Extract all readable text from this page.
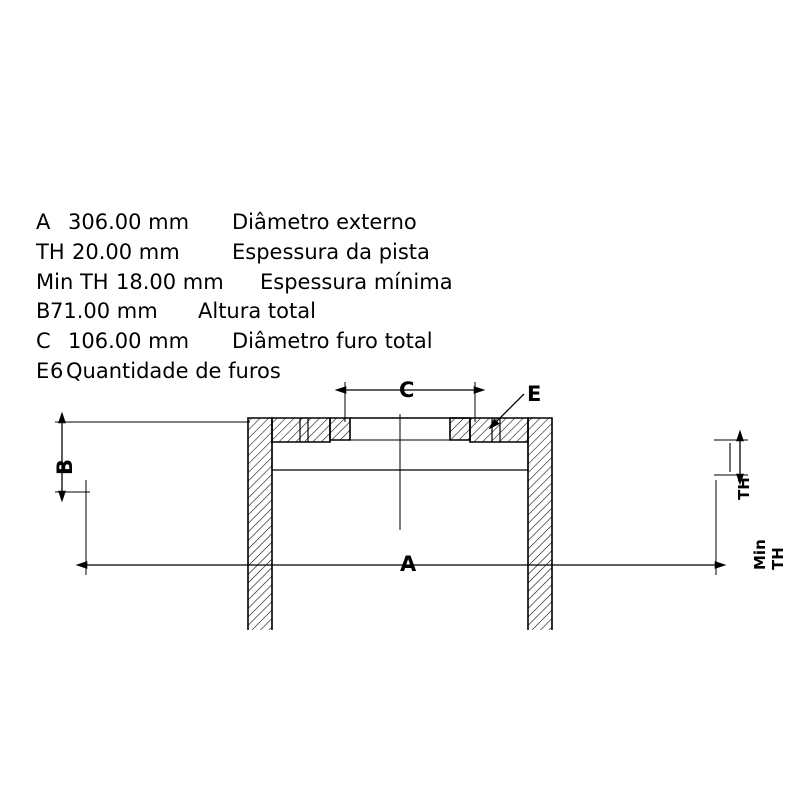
A 306.00 mm	Diâmetro externo
TH 20.00 mm	Espessura da pista
Min TH 18.00 mm	Espessura mínima
B 71.00 mm	Altura total
C 106.00 mm	Diâmetro furo total
E 6 Quantidade de furos
C	E
B
A
TH
Min TH
